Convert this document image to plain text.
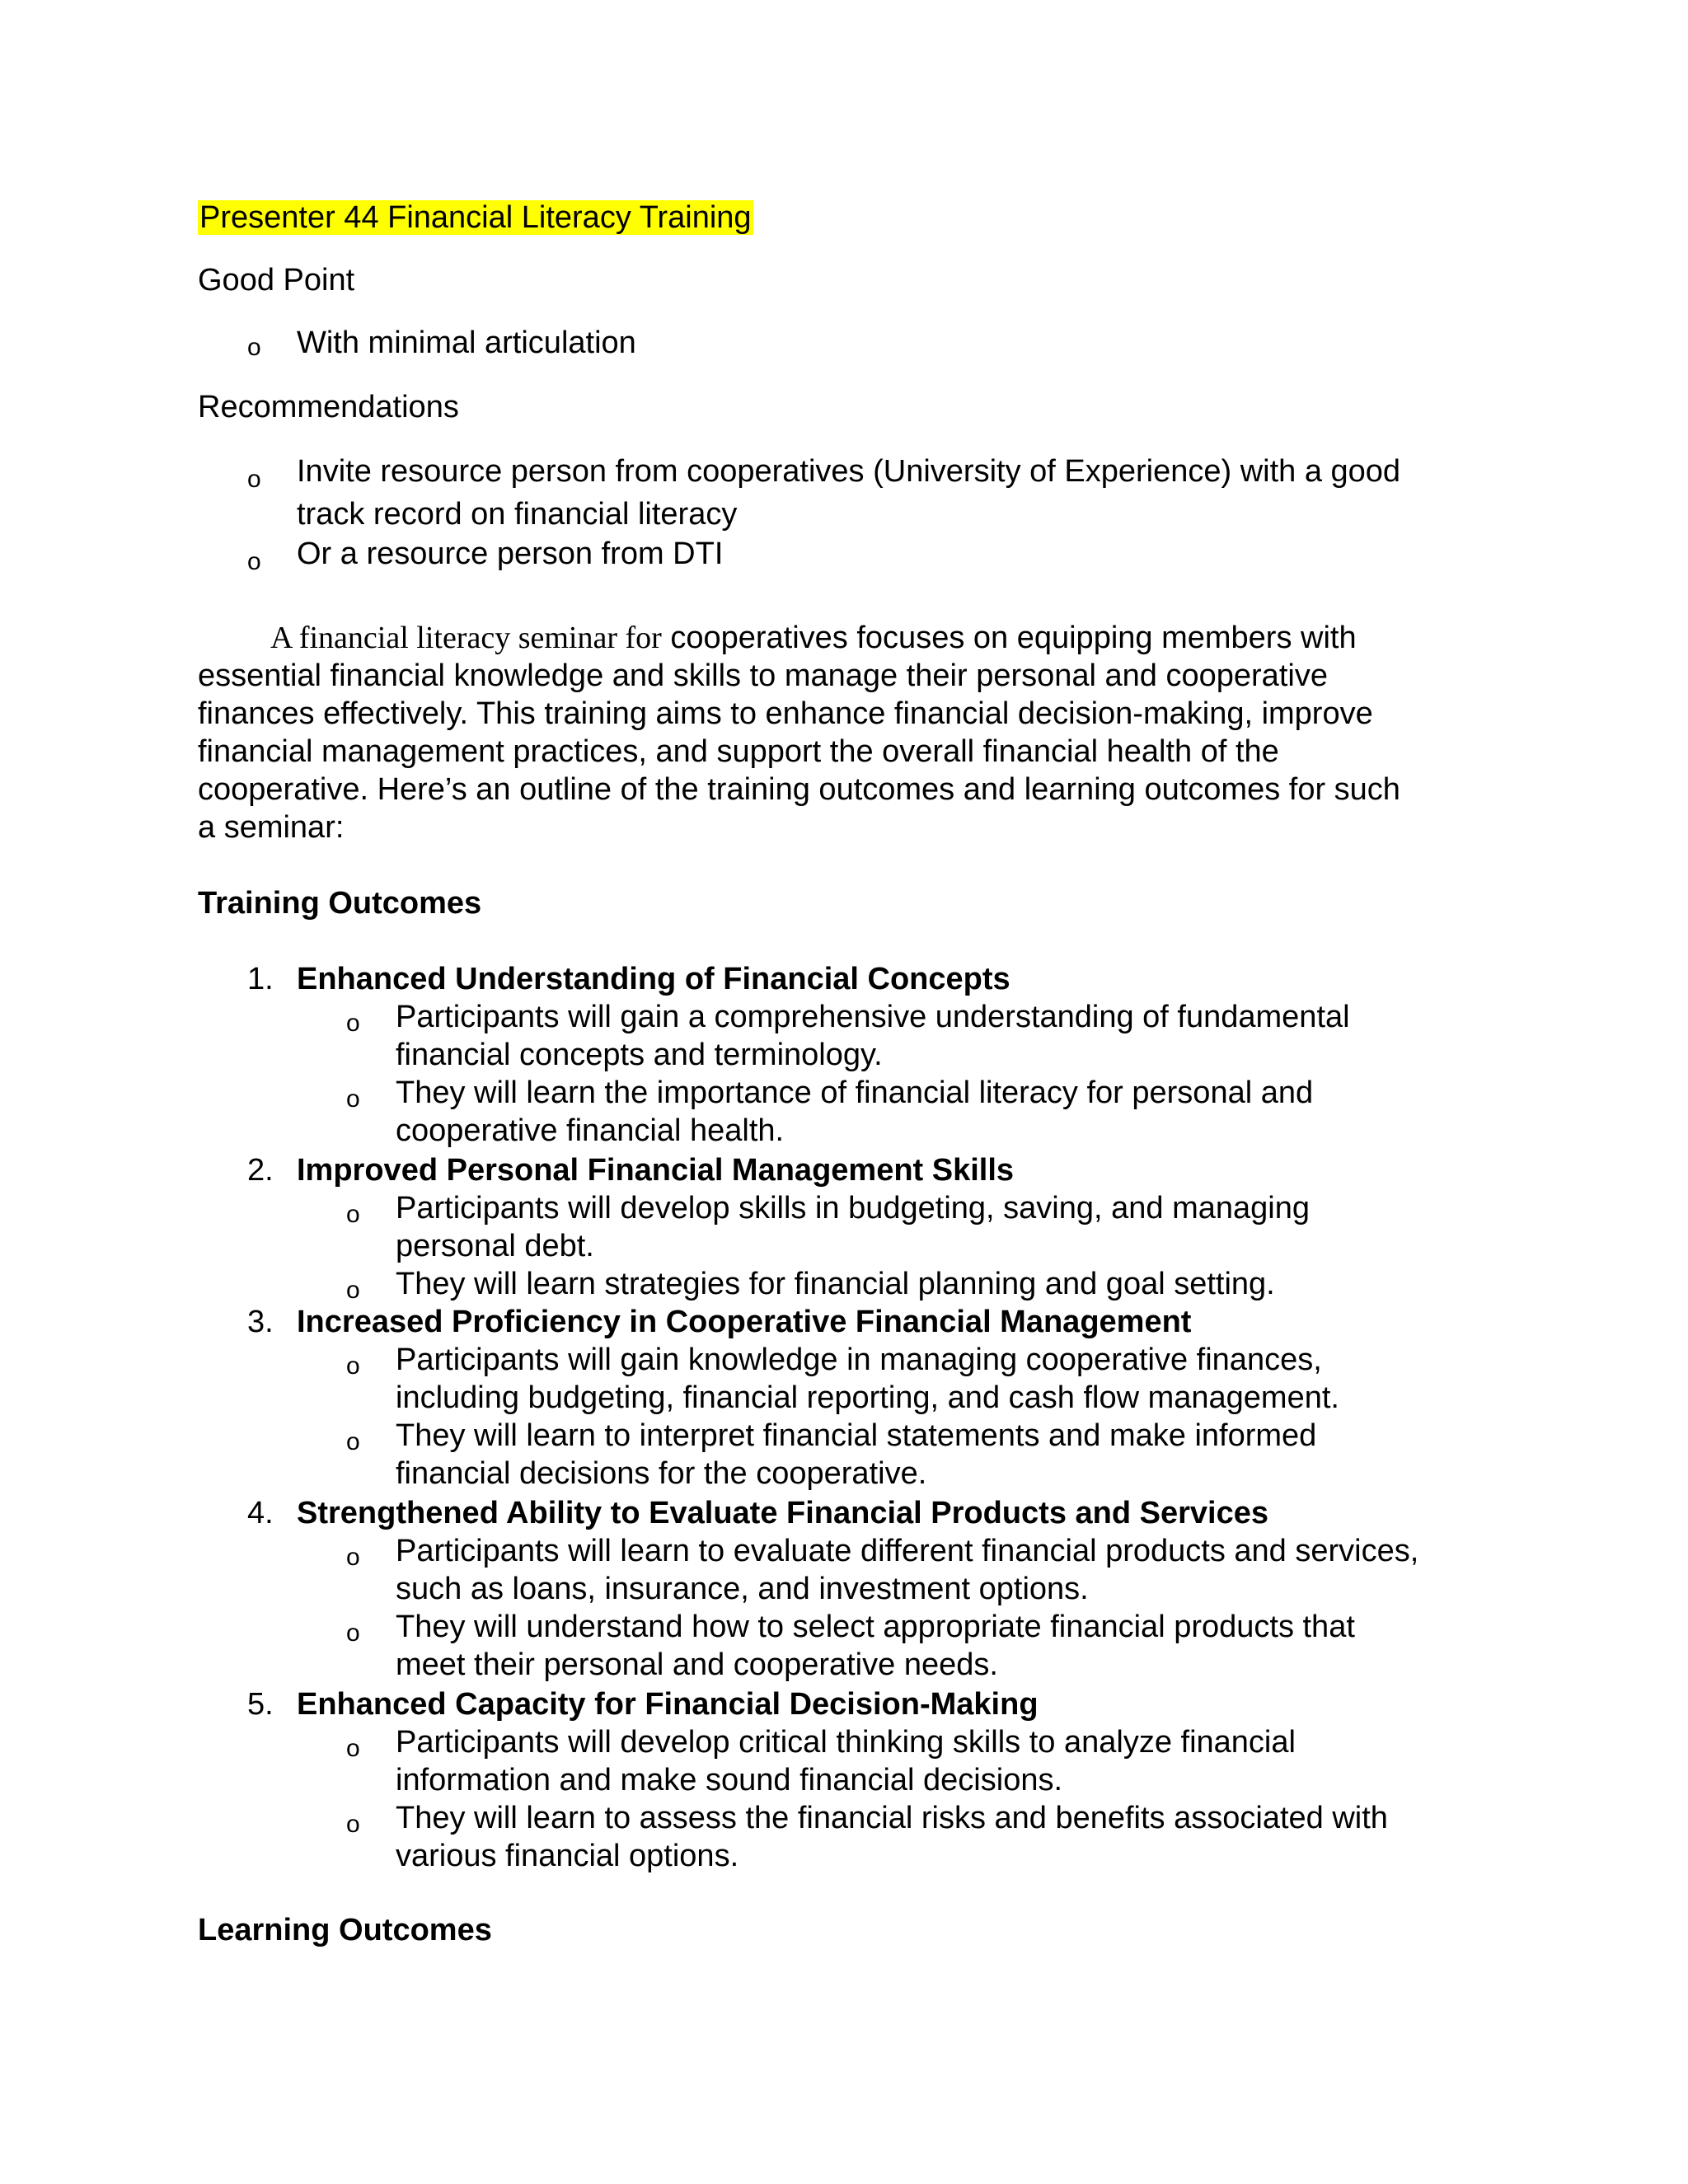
Presenter 44 Financial Literacy Training
Good Point
o With minimal articulation
Recommendations
o Invite resource person from cooperatives (University of Experience) with a good
track record on financial literacy
o Or a resource person from DTI
A financial literacy seminar for cooperatives focuses on equipping members with
essential financial knowledge and skills to manage their personal and cooperative
finances effectively. This training aims to enhance financial decision-making, improve
financial management practices, and support the overall financial health of the
cooperative. Here’s an outline of the training outcomes and learning outcomes for such
a seminar:
Training Outcomes
1. Enhanced Understanding of Financial Concepts
o Participants will gain a comprehensive understanding of fundamental
financial concepts and terminology.
o They will learn the importance of financial literacy for personal and
cooperative financial health.
2. Improved Personal Financial Management Skills
o Participants will develop skills in budgeting, saving, and managing
personal debt.
o They will learn strategies for financial planning and goal setting.
3. Increased Proficiency in Cooperative Financial Management
o Participants will gain knowledge in managing cooperative finances,
including budgeting, financial reporting, and cash flow management.
o They will learn to interpret financial statements and make informed
financial decisions for the cooperative.
4. Strengthened Ability to Evaluate Financial Products and Services
o Participants will learn to evaluate different financial products and services,
such as loans, insurance, and investment options.
o They will understand how to select appropriate financial products that
meet their personal and cooperative needs.
5. Enhanced Capacity for Financial Decision-Making
o Participants will develop critical thinking skills to analyze financial
information and make sound financial decisions.
o They will learn to assess the financial risks and benefits associated with
various financial options.
Learning Outcomes
